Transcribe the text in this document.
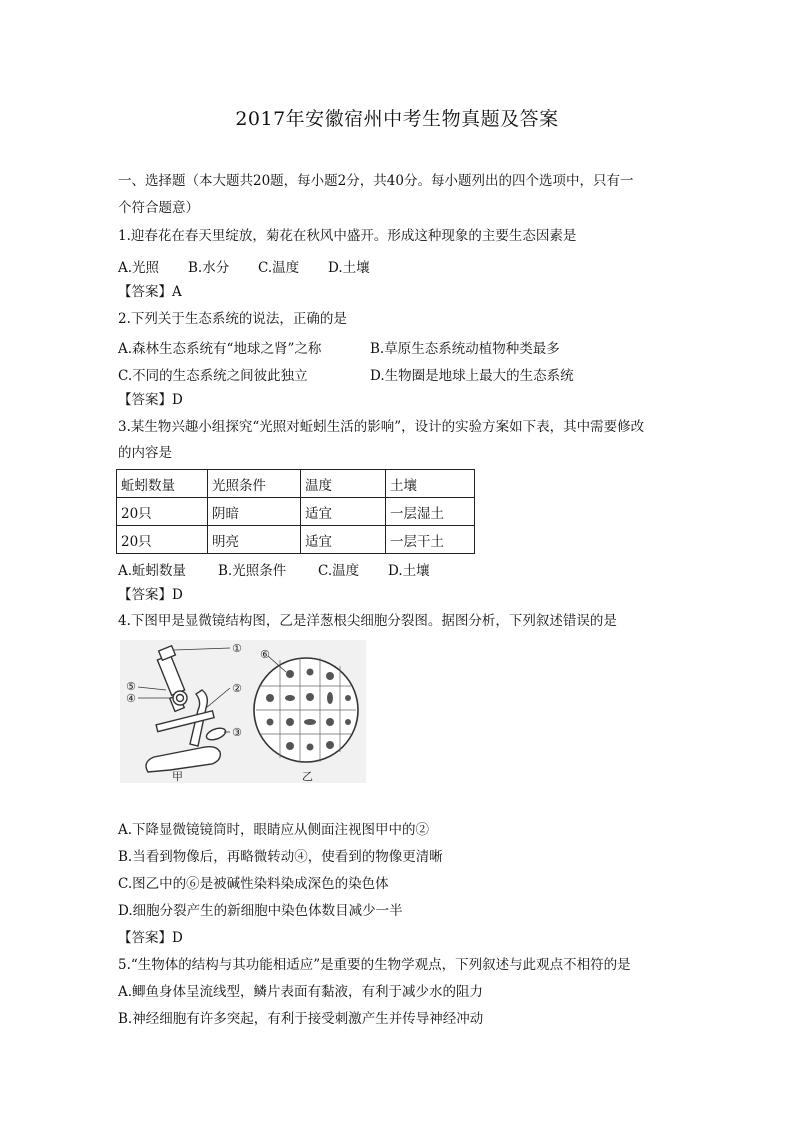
2017年安徽宿州中考生物真题及答案
一、选择题（本大题共20题，每小题2分，共40分。每小题列出的四个选项中，只有一
个符合题意）
1.迎春花在春天里绽放，菊花在秋风中盛开。形成这种现象的主要生态因素是
A.光照 B.水分 C.温度 D.土壤
【答案】A
2.下列关于生态系统的说法，正确的是
A.森林生态系统有“地球之肾”之称	B.草原生态系统动植物种类最多
C.不同的生态系统之间彼此独立	D.生物圈是地球上最大的生态系统
【答案】D
3.某生物兴趣小组探究“光照对蚯蚓生活的影响”，设计的实验方案如下表，其中需要修改
的内容是
蚯蚓数量	光照条件	温度	土壤
20只	阴暗	适宜	一层湿土
20只	明亮	适宜	一层干土
A.蚯蚓数量 B.光照条件 C.温度 D.土壤
【答案】D
4.下图甲是显微镜结构图，乙是洋葱根尖细胞分裂图。据图分析，下列叙述错误的是
①
②
③
④
⑤
⑥
甲	乙
A.下降显微镜镜筒时，眼睛应从侧面注视图甲中的②
B.当看到物像后，再略微转动④，使看到的物像更清晰
C.图乙中的⑥是被碱性染料染成深色的染色体
D.细胞分裂产生的新细胞中染色体数目减少一半
【答案】D
5.“生物体的结构与其功能相适应”是重要的生物学观点，下列叙述与此观点不相符的是
A.鲫鱼身体呈流线型，鳞片表面有黏液，有利于减少水的阻力
B.神经细胞有许多突起，有利于接受刺激产生并传导神经冲动
